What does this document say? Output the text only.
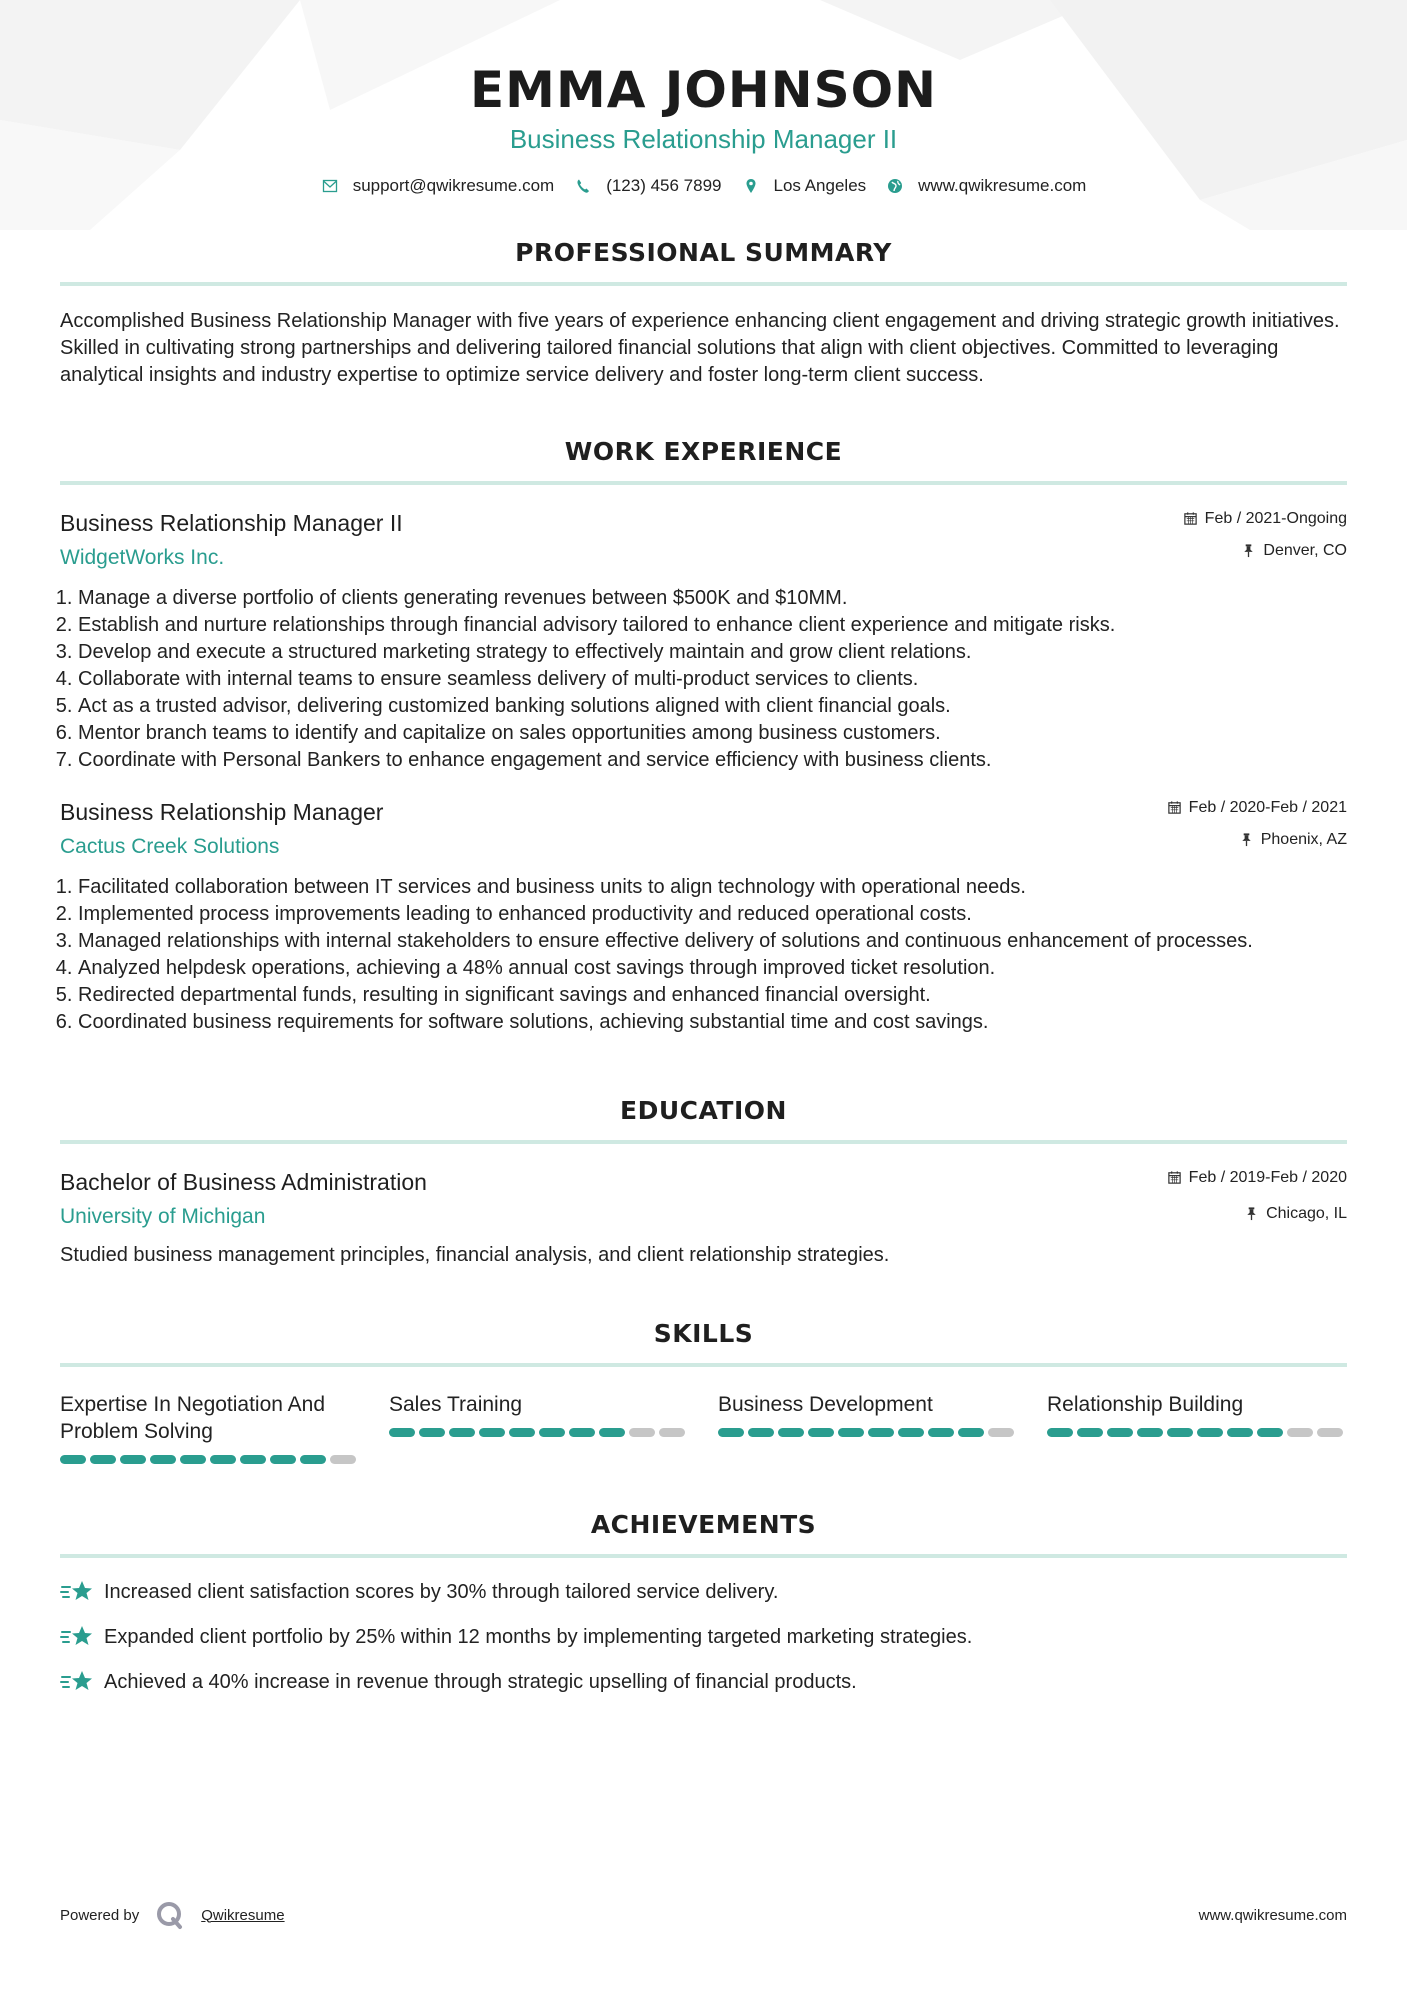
EMMA JOHNSON
Business Relationship Manager II
support@qwikresume.com	(123) 456 7899	Los Angeles	www.qwikresume.com
PROFESSIONAL SUMMARY

Accomplished Business Relationship Manager with five years of experience enhancing client engagement and driving strategic growth initiatives. Skilled in cultivating strong partnerships and delivering tailored financial solutions that align with client objectives. Committed to leveraging analytical insights and industry expertise to optimize service delivery and foster long-term client success.

WORK EXPERIENCE
Business Relationship Manager II
WidgetWorks Inc.
Feb / 2021-Ongoing
Denver, CO
1. Manage a diverse portfolio of clients generating revenues between $500K and $10MM.
2. Establish and nurture relationships through financial advisory tailored to enhance client experience and mitigate risks.
3. Develop and execute a structured marketing strategy to effectively maintain and grow client relations.
4. Collaborate with internal teams to ensure seamless delivery of multi-product services to clients.
5. Act as a trusted advisor, delivering customized banking solutions aligned with client financial goals.
6. Mentor branch teams to identify and capitalize on sales opportunities among business customers.
7. Coordinate with Personal Bankers to enhance engagement and service efficiency with business clients.
Business Relationship Manager
Cactus Creek Solutions
Feb / 2020-Feb / 2021
Phoenix, AZ
1. Facilitated collaboration between IT services and business units to align technology with operational needs.
2. Implemented process improvements leading to enhanced productivity and reduced operational costs.
3. Managed relationships with internal stakeholders to ensure effective delivery of solutions and continuous enhancement of processes.
4. Analyzed helpdesk operations, achieving a 48% annual cost savings through improved ticket resolution.
5. Redirected departmental funds, resulting in significant savings and enhanced financial oversight.
6. Coordinated business requirements for software solutions, achieving substantial time and cost savings.
EDUCATION
Bachelor of Business Administration
University of Michigan
Feb / 2019-Feb / 2020
Chicago, IL

Studied business management principles, financial analysis, and client relationship strategies.

SKILLS
Expertise In Negotiation And Problem Solving
Sales Training	Business Development	Relationship Building
ACHIEVEMENTS
Increased client satisfaction scores by 30% through tailored service delivery.
Expanded client portfolio by 25% within 12 months by implementing targeted marketing strategies.
Achieved a 40% increase in revenue through strategic upselling of financial products.
Powered by	Qwikresume	www.qwikresume.com
